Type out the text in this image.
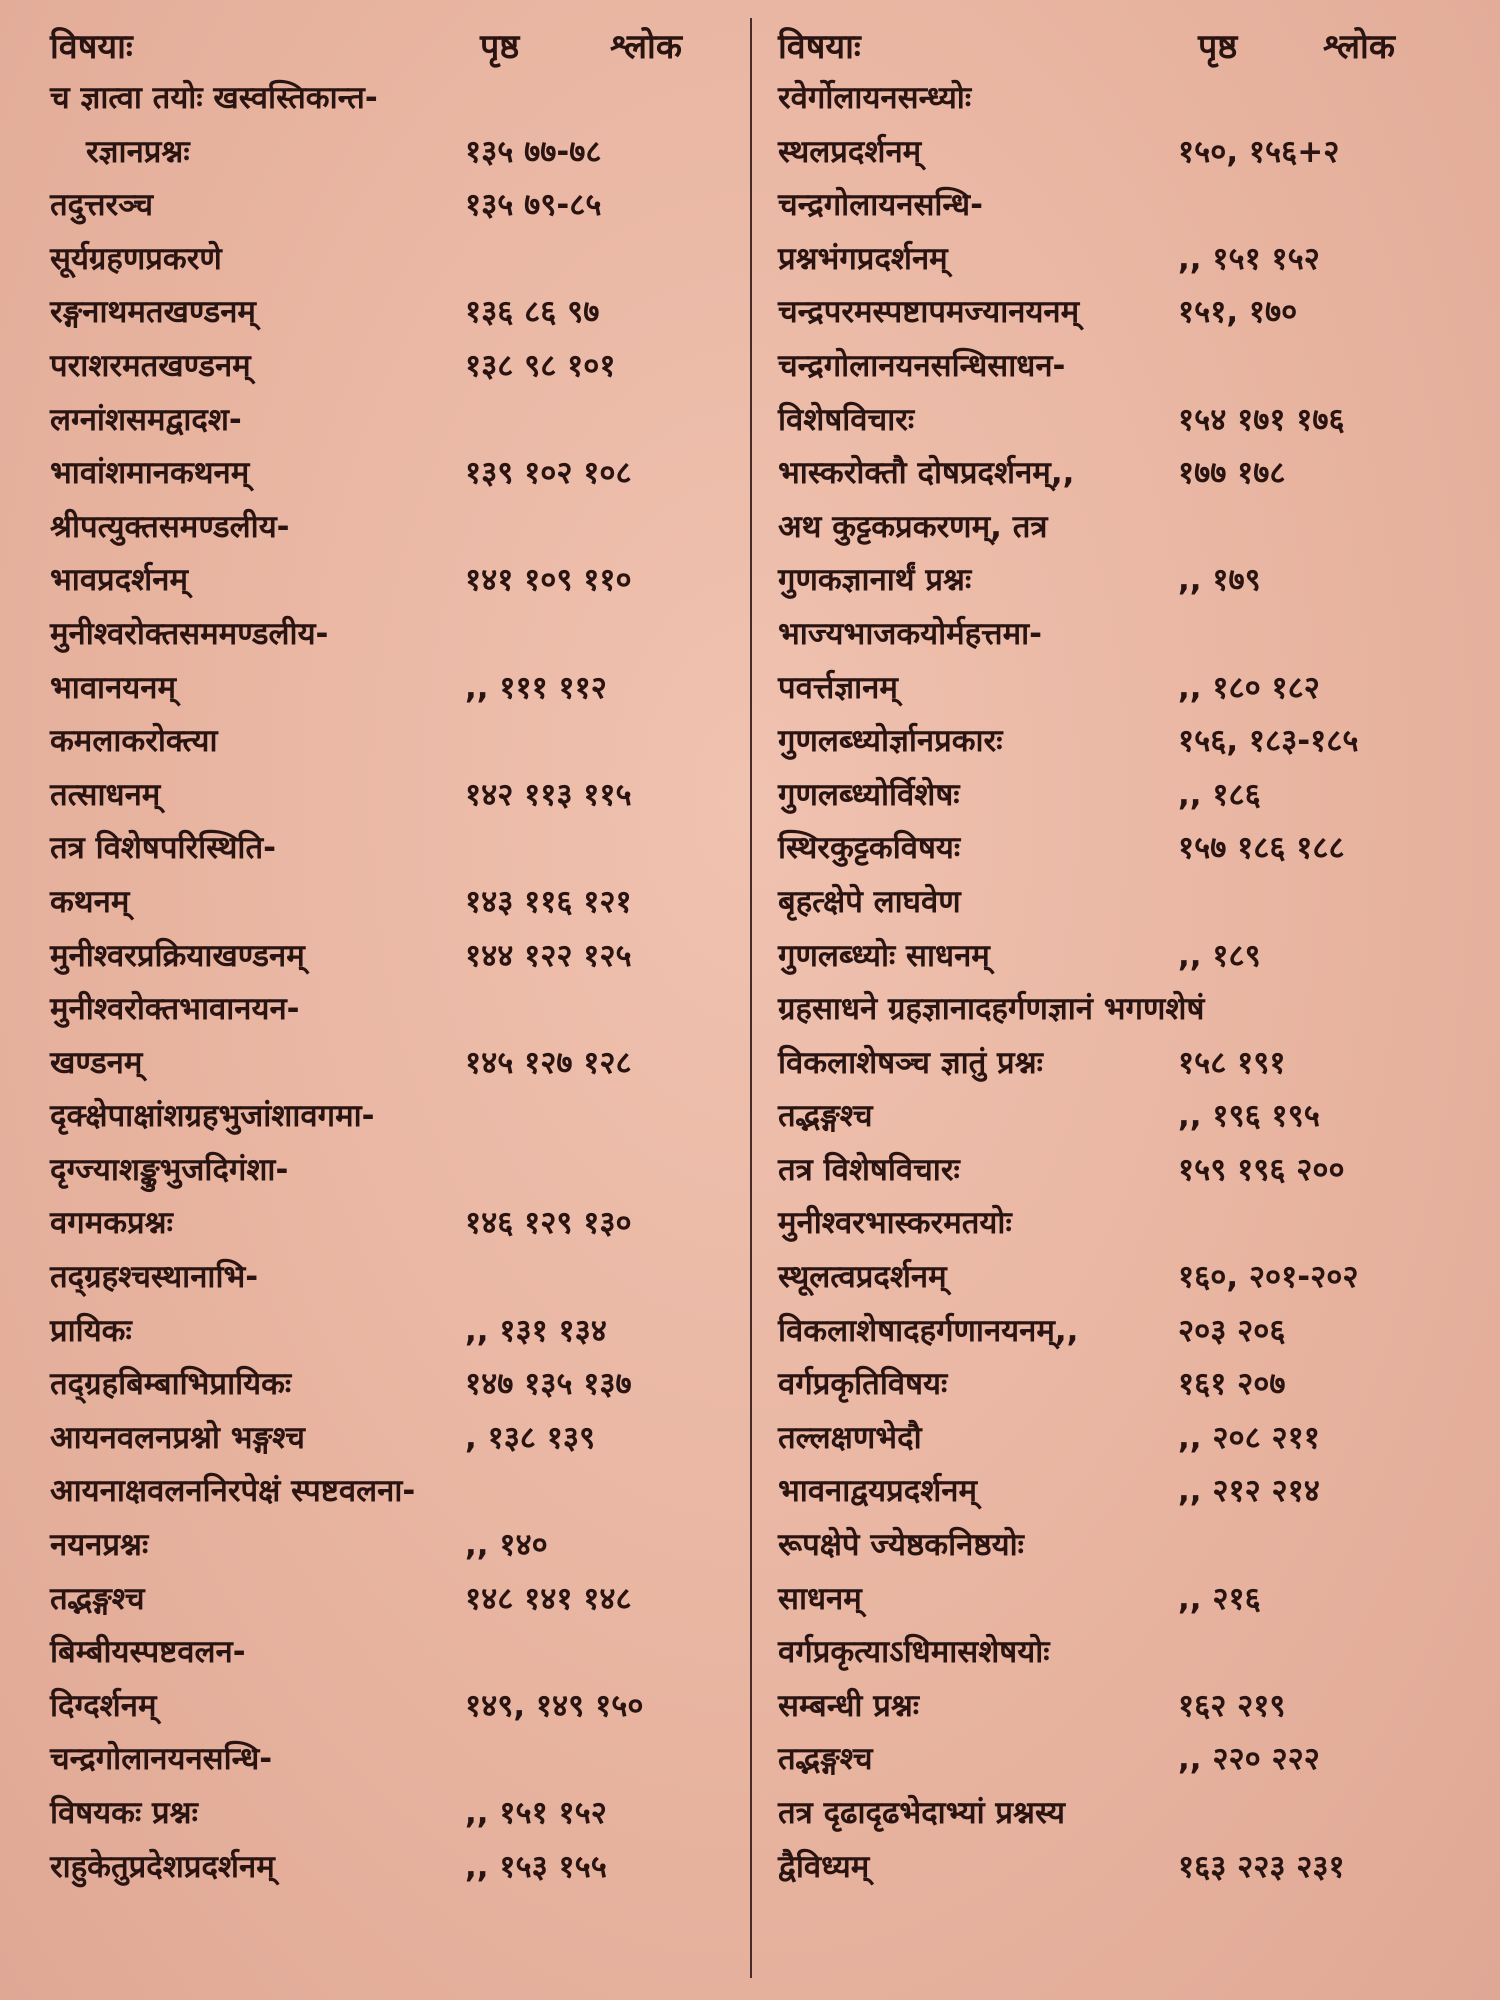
विषयाः	पृष्ठ	श्लोक
च ज्ञात्वा तयोः खस्वस्तिकान्त-
रज्ञानप्रश्नः	१३५ ७७-७८
तदुत्तरञ्च	१३५ ७९-८५
सूर्यग्रहणप्रकरणे
रङ्गनाथमतखण्डनम्	१३६ ८६ ९७
पराशरमतखण्डनम्	१३८ ९८ १०१
लग्नांशसमद्वादश-
भावांशमानकथनम्	१३९ १०२ १०८
श्रीपत्युक्तसमण्डलीय-
भावप्रदर्शनम्	१४१ १०९ ११०
मुनीश्वरोक्तसममण्डलीय-
भावानयनम्	,, १११ ११२
कमलाकरोक्त्या
तत्साधनम्	१४२ ११३ ११५
तत्र विशेषपरिस्थिति-
कथनम्	१४३ ११६ १२१
मुनीश्वरप्रक्रियाखण्डनम्	१४४ १२२ १२५
मुनीश्वरोक्तभावानयन-
खण्डनम्	१४५ १२७ १२८
दृक्क्षेपाक्षांशग्रहभुजांशावगमा-
दृग्ज्याशङ्कुभुजदिगंशा-
वगमकप्रश्नः	१४६ १२९ १३०
तद्ग्रहश्चस्थानाभि-
प्रायिकः	,, १३१ १३४
तद्ग्रहबिम्बाभिप्रायिकः	१४७ १३५ १३७
आयनवलनप्रश्नो भङ्गश्च	, १३८ १३९
आयनाक्षवलननिरपेक्षं स्पष्टवलना-
नयनप्रश्नः	,, १४०
तद्भङ्गश्च	१४८ १४१ १४८
बिम्बीयस्पष्टवलन-
दिग्दर्शनम्	१४९, १४९ १५०
चन्द्रगोलानयनसन्धि-
विषयकः प्रश्नः	,, १५१ १५२
राहुकेतुप्रदेशप्रदर्शनम्	,, १५३ १५५
विषयाः	पृष्ठ	श्लोक
रवेर्गोलायनसन्ध्योः
स्थलप्रदर्शनम्	१५०, १५६+२
चन्द्रगोलायनसन्धि-
प्रश्नभंगप्रदर्शनम्	,, १५१ १५२
चन्द्रपरमस्पष्टापमज्यानयनम्	१५१, १७०
चन्द्रगोलानयनसन्धिसाधन-
विशेषविचारः	१५४ १७१ १७६
भास्करोक्तौ दोषप्रदर्शनम्,,	१७७ १७८
अथ कुट्टकप्रकरणम्, तत्र
गुणकज्ञानार्थं प्रश्नः	,, १७९
भाज्यभाजकयोर्महत्तमा-
पवर्त्तज्ञानम्	,, १८० १८२
गुणलब्ध्योर्ज्ञानप्रकारः	१५६, १८३-१८५
गुणलब्ध्योर्विशेषः	,, १८६
स्थिरकुट्टकविषयः	१५७ १८६ १८८
बृहत्क्षेपे लाघवेण
गुणलब्ध्योः साधनम्	,, १८९
ग्रहसाधने ग्रहज्ञानादहर्गणज्ञानं भगणशेषं
विकलाशेषञ्च ज्ञातुं प्रश्नः	१५८ १९१
तद्भङ्गश्च	,, १९६ १९५
तत्र विशेषविचारः	१५९ १९६ २००
मुनीश्वरभास्करमतयोः
स्थूलत्वप्रदर्शनम्	१६०, २०१-२०२
विकलाशेषादहर्गणानयनम्,,	२०३ २०६
वर्गप्रकृतिविषयः	१६१ २०७
तल्लक्षणभेदौ	,, २०८ २११
भावनाद्वयप्रदर्शनम्	,, २१२ २१४
रूपक्षेपे ज्येष्ठकनिष्ठयोः
साधनम्	,, २१६
वर्गप्रकृत्याऽधिमासशेषयोः
सम्बन्धी प्रश्नः	१६२ २१९
तद्भङ्गश्च	,, २२० २२२
तत्र दृढादृढभेदाभ्यां प्रश्नस्य
द्वैविध्यम्	१६३ २२३ २३१
